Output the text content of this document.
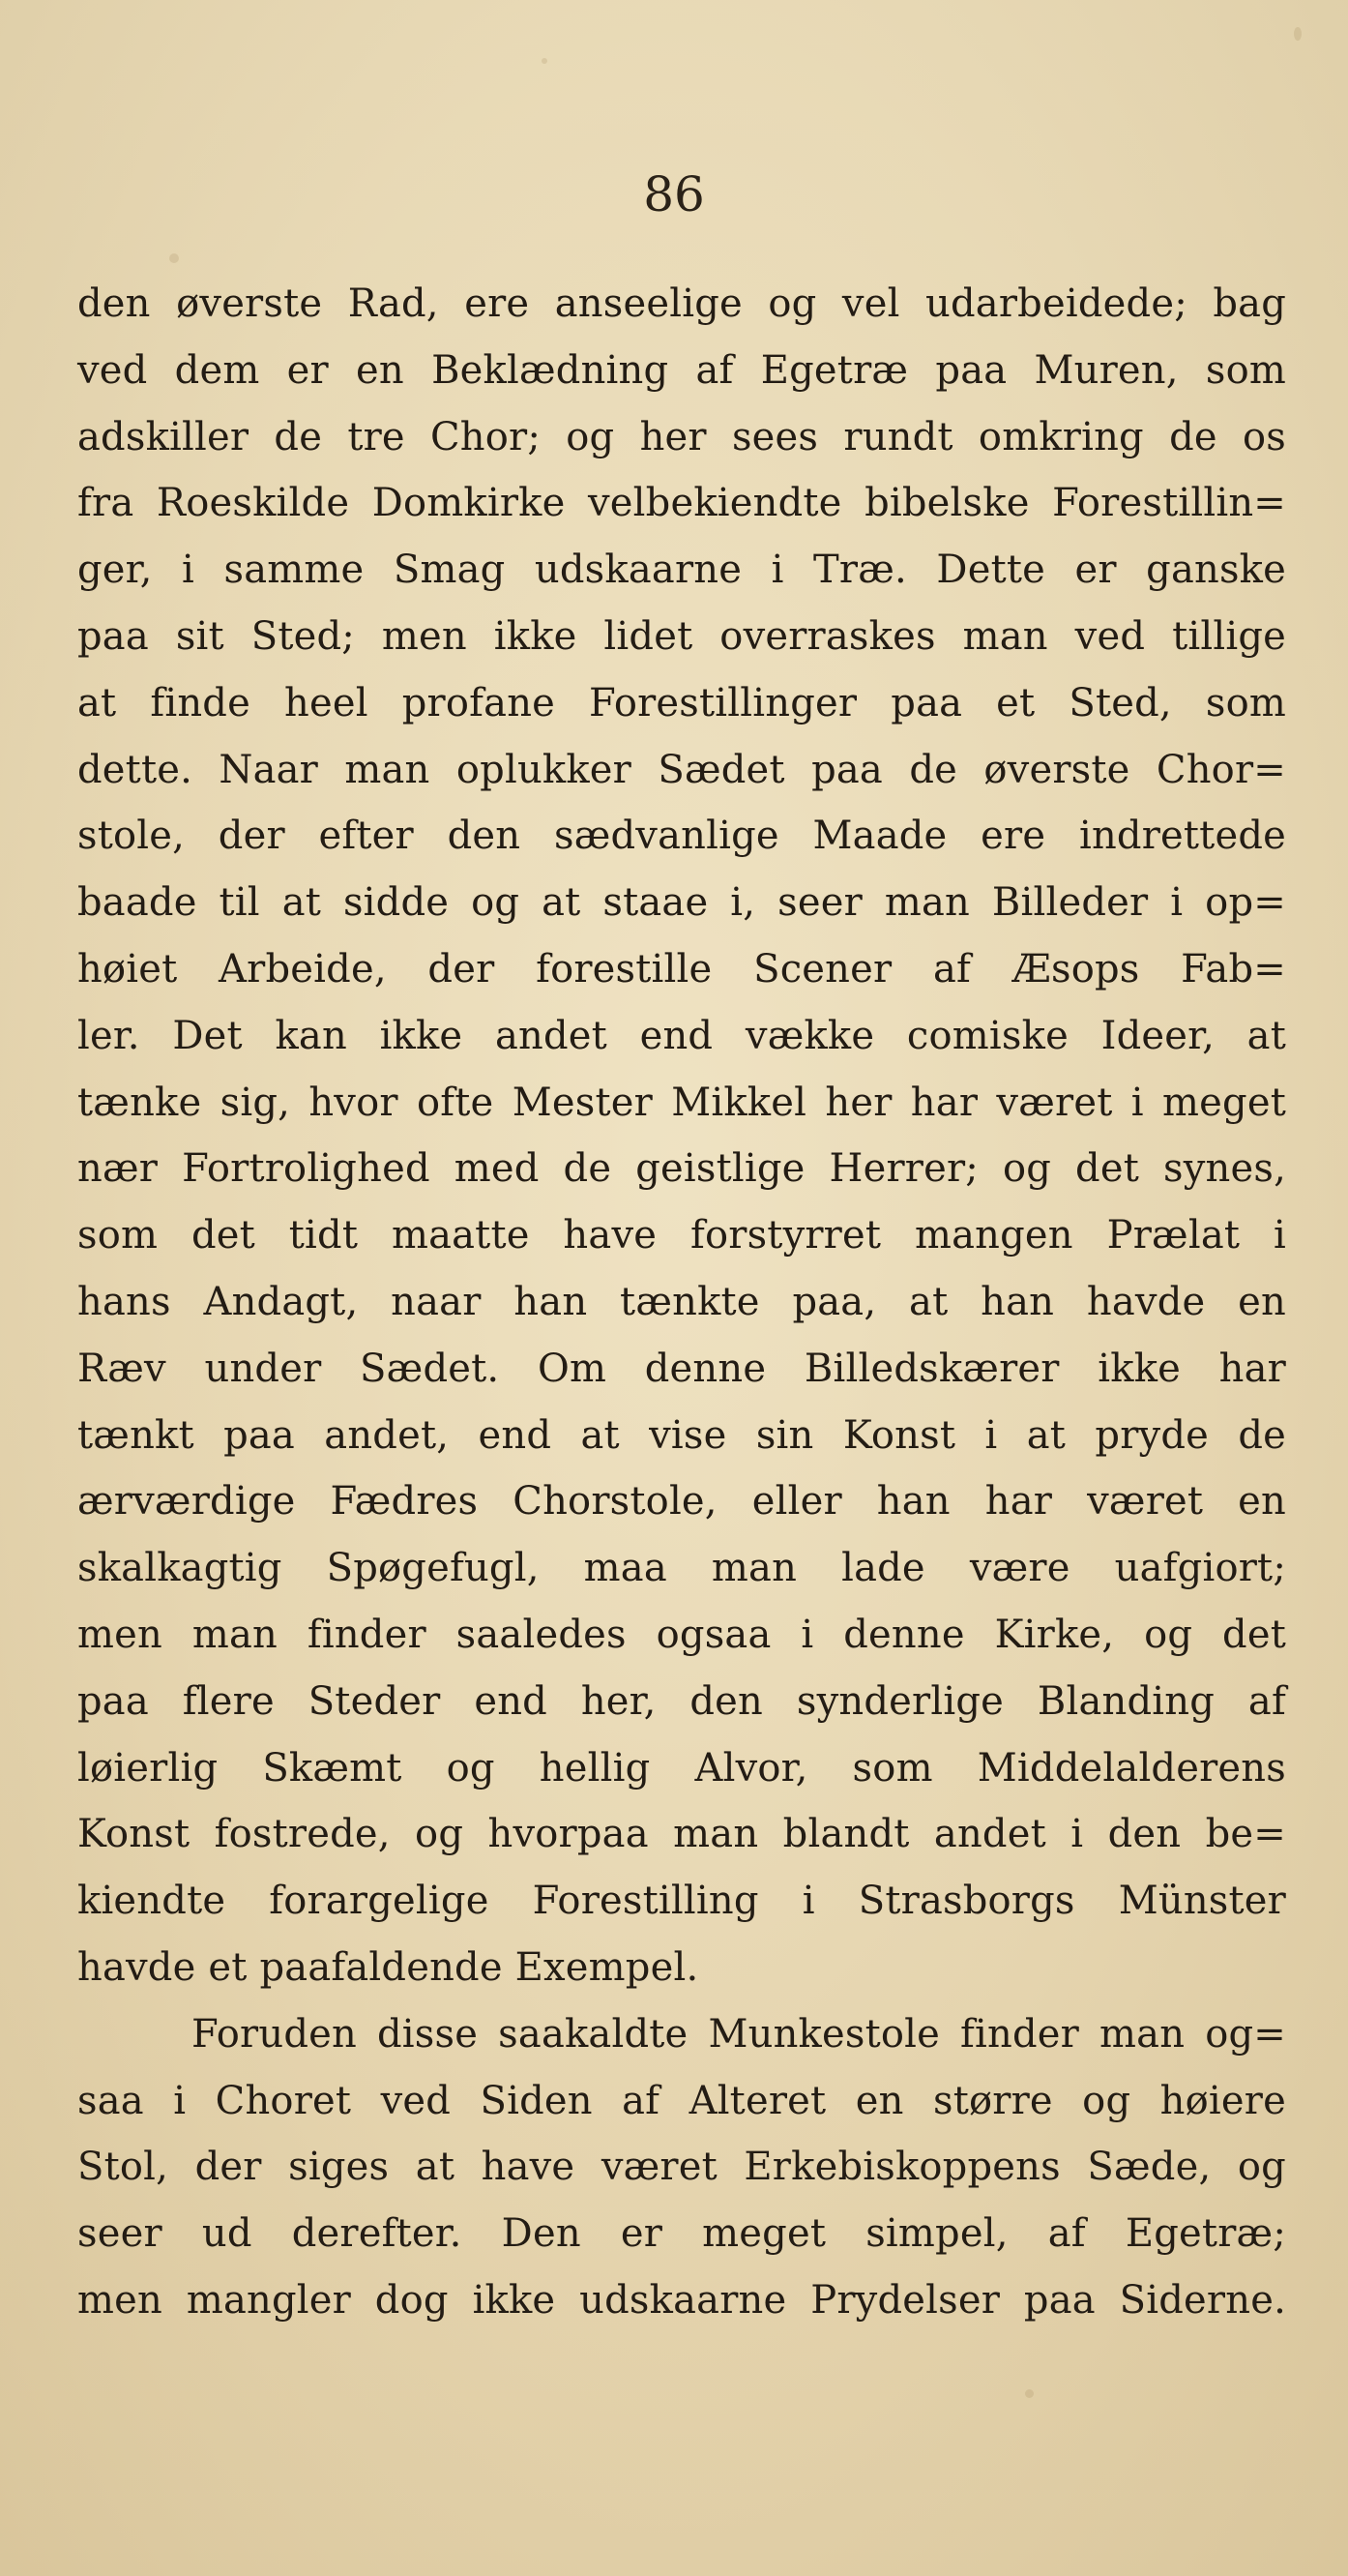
86
den øverste Rad, ere anseelige og vel udarbeidede; bag
ved dem er en Beklædning af Egetræ paa Muren, som
adskiller de tre Chor; og her sees rundt omkring de os
fra Roeskilde Domkirke velbekiendte bibelske Forestillin=
ger, i samme Smag udskaarne i Træ. Dette er ganske
paa sit Sted; men ikke lidet overraskes man ved tillige
at finde heel profane Forestillinger paa et Sted, som
dette. Naar man oplukker Sædet paa de øverste Chor=
stole, der efter den sædvanlige Maade ere indrettede
baade til at sidde og at staae i, seer man Billeder i op=
høiet Arbeide, der forestille Scener af Æsops Fab=
ler. Det kan ikke andet end vække comiske Ideer, at
tænke sig, hvor ofte Mester Mikkel her har været i meget
nær Fortrolighed med de geistlige Herrer; og det synes,
som det tidt maatte have forstyrret mangen Prælat i
hans Andagt, naar han tænkte paa, at han havde en
Ræv under Sædet. Om denne Billedskærer ikke har
tænkt paa andet, end at vise sin Konst i at pryde de
ærværdige Fædres Chorstole, eller han har været en
skalkagtig Spøgefugl, maa man lade være uafgiort;
men man finder saaledes ogsaa i denne Kirke, og det
paa flere Steder end her, den synderlige Blanding af
løierlig Skæmt og hellig Alvor, som Middelalderens
Konst fostrede, og hvorpaa man blandt andet i den be=
kiendte forargelige Forestilling i Strasborgs Münster
havde et paafaldende Exempel.
Foruden disse saakaldte Munkestole finder man og=
saa i Choret ved Siden af Alteret en større og høiere
Stol, der siges at have været Erkebiskoppens Sæde, og
seer ud derefter. Den er meget simpel, af Egetræ;
men mangler dog ikke udskaarne Prydelser paa Siderne.
